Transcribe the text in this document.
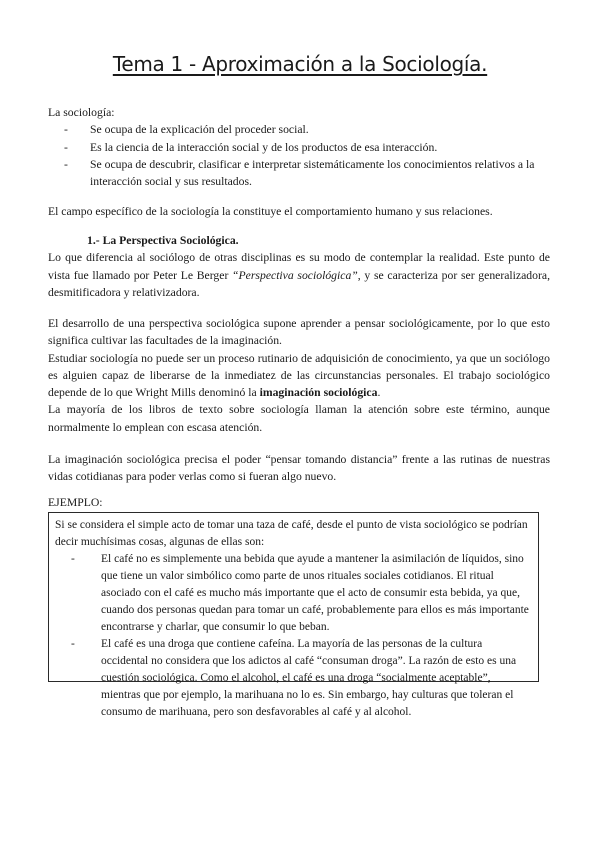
Tema 1 - Aproximación a la Sociología.
La sociología:
-	Se ocupa de la explicación del proceder social.
-	Es la ciencia de la interacción social y de los productos de esa interacción.
-	Se ocupa de descubrir, clasificar e interpretar sistemáticamente los conocimientos relativos a la interacción social y sus resultados.
El campo específico de la sociología la constituye el comportamiento humano y sus relaciones.
1.- La Perspectiva Sociológica.
Lo que diferencia al sociólogo de otras disciplinas es su modo de contemplar la realidad. Este punto de vista fue llamado por Peter Le Berger “Perspectiva sociológica”, y se caracteriza por ser generalizadora, desmitificadora y relativizadora.
El desarrollo de una perspectiva sociológica supone aprender a pensar sociológicamente, por lo que esto significa cultivar las facultades de la imaginación.
Estudiar sociología no puede ser un proceso rutinario de adquisición de conocimiento, ya que un sociólogo es alguien capaz de liberarse de la inmediatez de las circunstancias personales. El trabajo sociológico depende de lo que Wright Mills denominó la imaginación sociológica.
La mayoría de los libros de texto sobre sociología llaman la atención sobre este término, aunque normalmente lo emplean con escasa atención.
La imaginación sociológica precisa el poder “pensar tomando distancia” frente a las rutinas de nuestras vidas cotidianas para poder verlas como si fueran algo nuevo.
EJEMPLO:
Si se considera el simple acto de tomar una taza de café, desde el punto de vista sociológico se podrían decir muchísimas cosas, algunas de ellas son:
-	El café no es simplemente una bebida que ayude a mantener la asimilación de líquidos, sino que tiene un valor simbólico como parte de unos rituales sociales cotidianos. El ritual asociado con el café es mucho más importante que el acto de consumir esta bebida, ya que, cuando dos personas quedan para tomar un café, probablemente para ellos es más importante encontrarse y charlar, que consumir lo que beban.
-	El café es una droga que contiene cafeína. La mayoría de las personas de la cultura occidental no considera que los adictos al café “consuman droga”. La razón de esto es una cuestión sociológica. Como el alcohol, el café es una droga “socialmente aceptable”, mientras que por ejemplo, la marihuana no lo es. Sin embargo, hay culturas que toleran el consumo de marihuana, pero son desfavorables al café y al alcohol.
